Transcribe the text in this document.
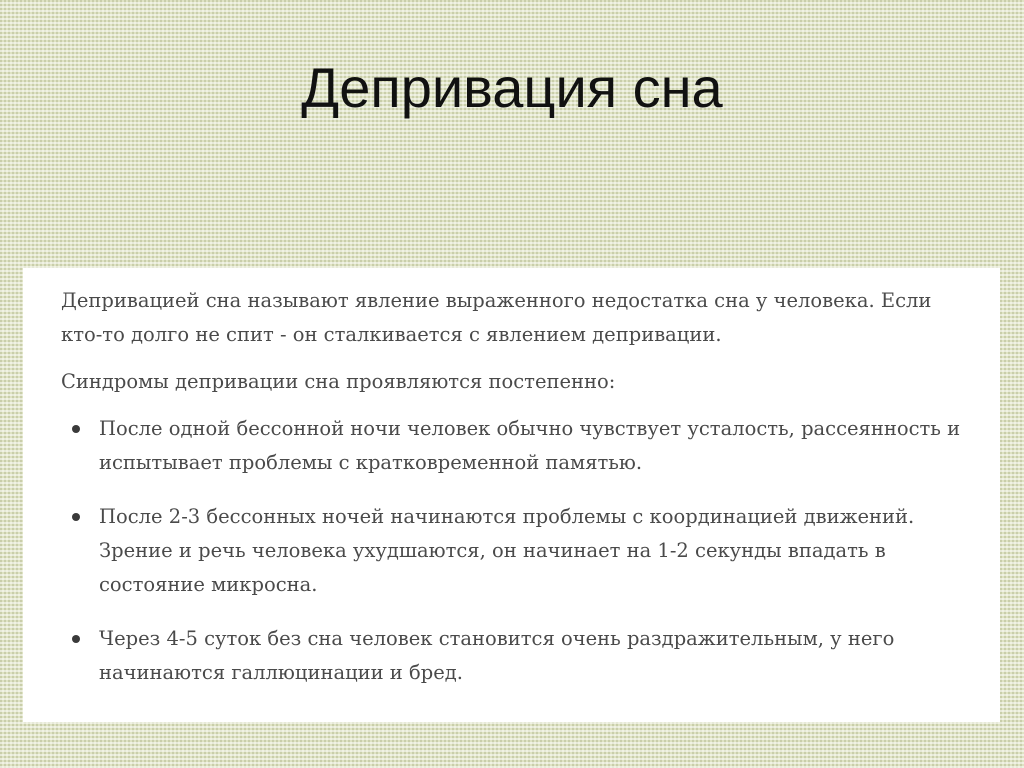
Депривация сна

Депривацией сна называют явление выраженного недостатка сна у человека. Если кто-то долго не спит - он сталкивается с явлением депривации.

Синдромы депривации сна проявляются постепенно:

После одной бессонной ночи человек обычно чувствует усталость, рассеянность и испытывает проблемы с кратковременной памятью.
После 2-3 бессонных ночей начинаются проблемы с координацией движений. Зрение и речь человека ухудшаются, он начинает на 1-2 секунды впадать в состояние микросна.
Через 4-5 суток без сна человек становится очень раздражительным, у него начинаются галлюцинации и бред.
